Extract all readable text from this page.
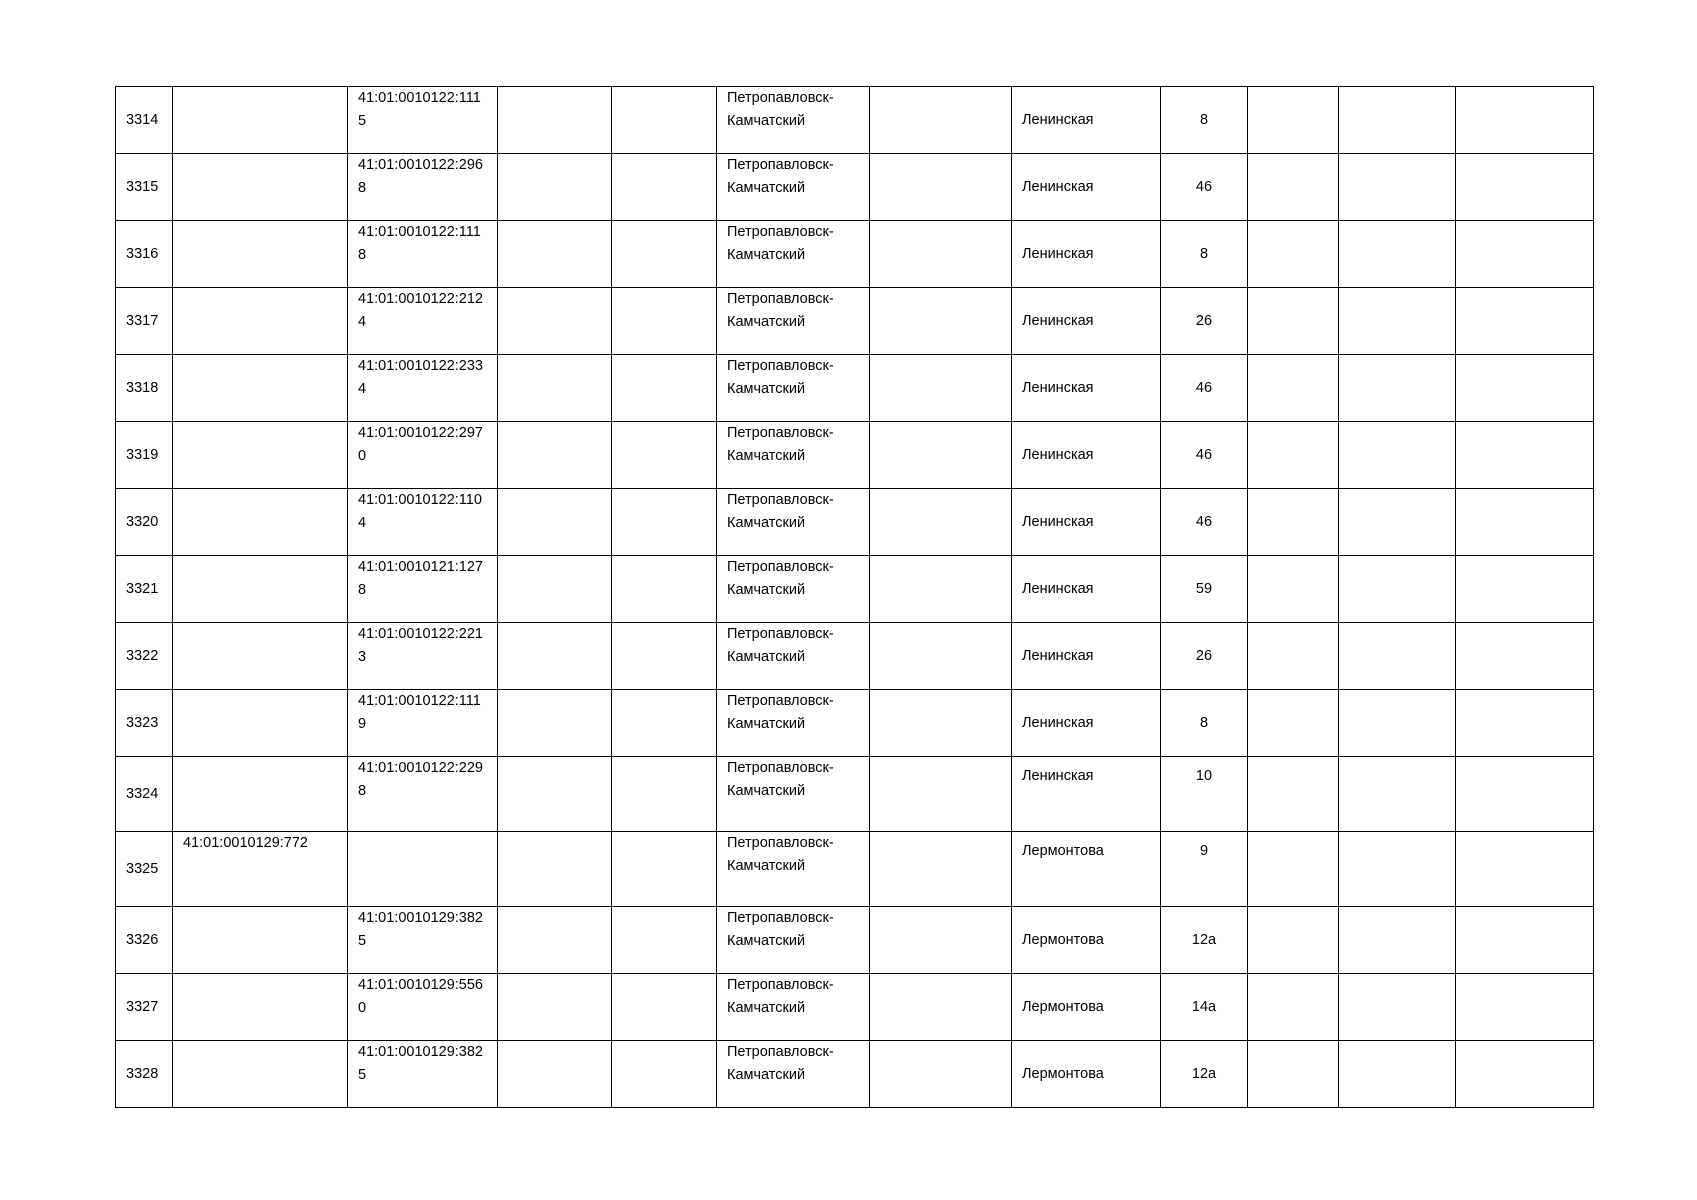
3314		41:01:0010122:1115			Петропавловск-Камчатский		Ленинская	8			
3315		41:01:0010122:2968			Петропавловск-Камчатский		Ленинская	46			
3316		41:01:0010122:1118			Петропавловск-Камчатский		Ленинская	8			
3317		41:01:0010122:2124			Петропавловск-Камчатский		Ленинская	26			
3318		41:01:0010122:2334			Петропавловск-Камчатский		Ленинская	46			
3319		41:01:0010122:2970			Петропавловск-Камчатский		Ленинская	46			
3320		41:01:0010122:1104			Петропавловск-Камчатский		Ленинская	46			
3321		41:01:0010121:1278			Петропавловск-Камчатский		Ленинская	59			
3322		41:01:0010122:2213			Петропавловск-Камчатский		Ленинская	26			
3323		41:01:0010122:1119			Петропавловск-Камчатский		Ленинская	8			
3324		41:01:0010122:2298			Петропавловск-Камчатский		Ленинская	10			
3325	41:01:0010129:772				Петропавловск-Камчатский		Лермонтова	9			
3326		41:01:0010129:3825			Петропавловск-Камчатский		Лермонтова	12а			
3327		41:01:0010129:5560			Петропавловск-Камчатский		Лермонтова	14а			
3328		41:01:0010129:3825			Петропавловск-Камчатский		Лермонтова	12а			
